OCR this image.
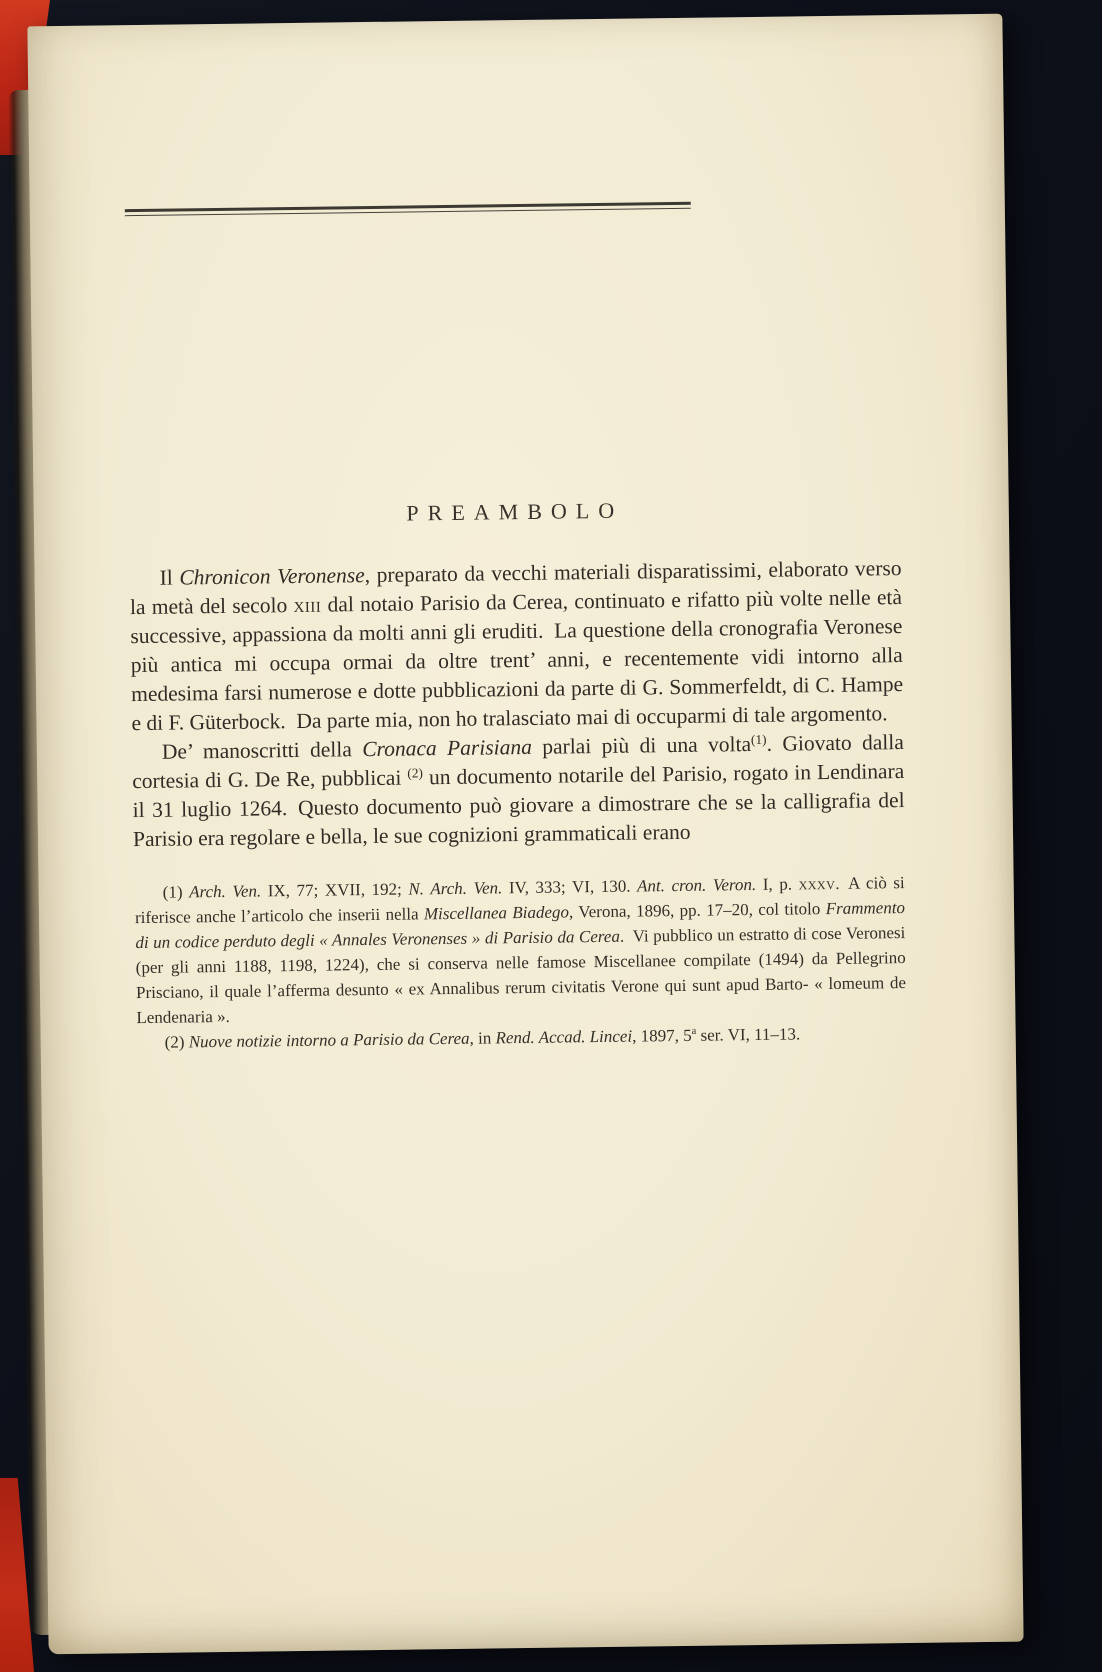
PREAMBOLO

Il Chronicon Veronense, preparato da vecchi materiali disparatissimi, elaborato verso la metà del secolo xiii dal notaio Parisio da Cerea, continuato e rifatto più volte nelle età successive, appassiona da molti anni gli eruditi. La questione della cronografia Veronese più antica mi occupa ormai da oltre trent’ anni, e recentemente vidi intorno alla medesima farsi numerose e dotte pubblicazioni da parte di G. Sommerfeldt, di C. Hampe e di F. Güterbock. Da parte mia, non ho tralasciato mai di occuparmi di tale argomento.

De’ manoscritti della Cronaca Parisiana parlai più di una volta$^{(1)}$. Giovato dalla cortesia di G. De Re, pubblicai $^{(2)}$ un documento notarile del Parisio, rogato in Lendinara il 31 luglio 1264. Questo documento può giovare a dimostrare che se la calligrafia del Parisio era regolare e bella, le sue cognizioni grammaticali erano

(1) Arch. Ven. IX, 77; XVII, 192; N. Arch. Ven. IV, 333; VI, 130. Ant. cron. Veron. I, p. xxxv. A ciò si riferisce anche l’articolo che inserii nella Miscellanea Biadego, Verona, 1896, pp. 17–20, col titolo Frammento di un codice perduto degli « Annales Veronenses » di Parisio da Cerea. Vi pubblico un estratto di cose Veronesi (per gli anni 1188, 1198, 1224), che si conserva nelle famose Miscellanee compilate (1494) da Pellegrino Prisciano, il quale l’afferma desunto « ex Annalibus rerum civitatis Verone qui sunt apud Barto- « lomeum de Lendenaria ».

(2) Nuove notizie intorno a Parisio da Cerea, in Rend. Accad. Lincei, 1897, 5$^a$ ser. VI, 11–13.
